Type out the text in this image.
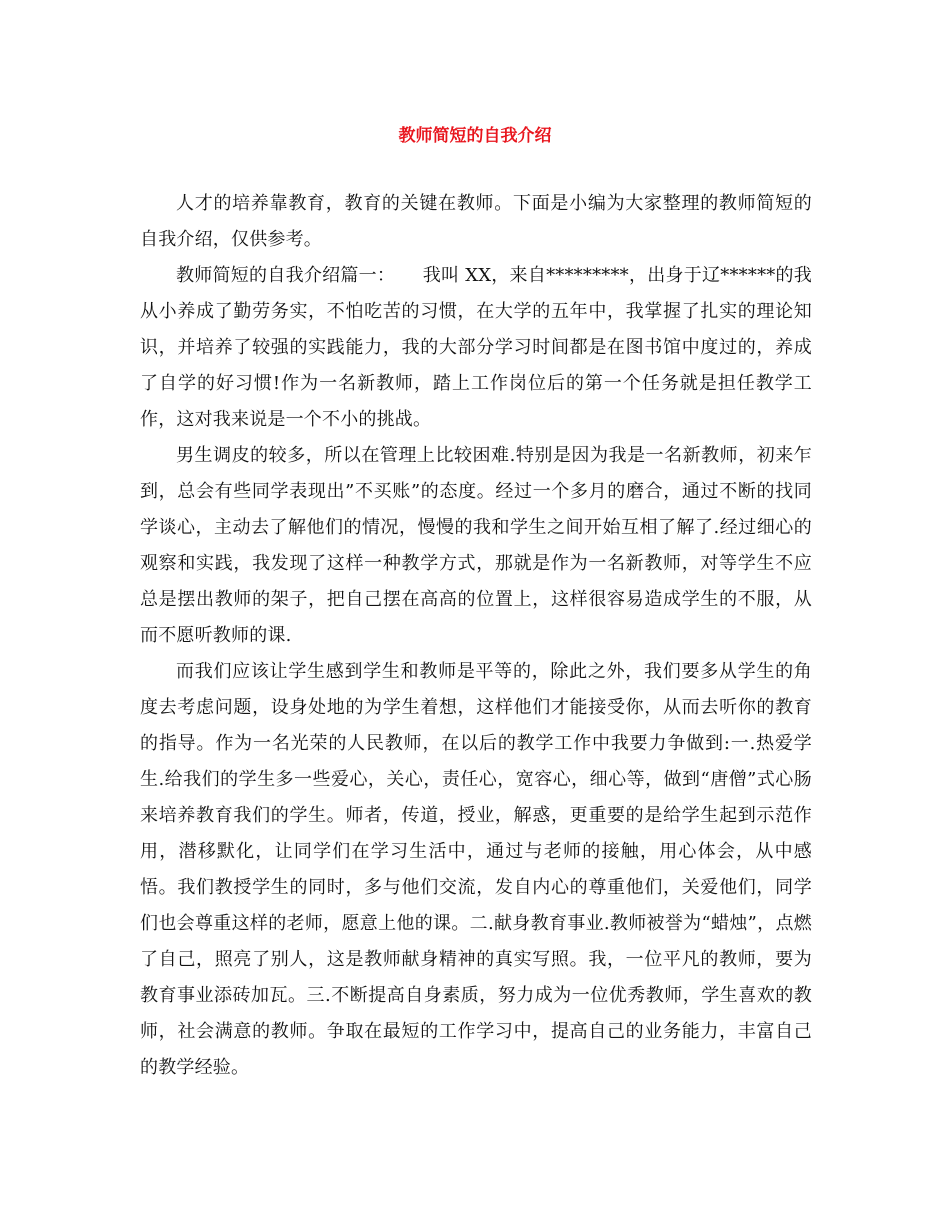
教师简短的自我介绍

人才的培养靠教育，教育的关键在教师。下面是小编为大家整理的教师简短的自我介绍，仅供参考。

教师简短的自我介绍篇一：　　我叫 XX，来自*********，出身于辽******的我从小养成了勤劳务实，不怕吃苦的习惯，在大学的五年中，我掌握了扎实的理论知识，并培养了较强的实践能力，我的大部分学习时间都是在图书馆中度过的，养成了自学的好习惯!作为一名新教师，踏上工作岗位后的第一个任务就是担任教学工作，这对我来说是一个不小的挑战。

男生调皮的较多，所以在管理上比较困难.特别是因为我是一名新教师，初来乍到，总会有些同学表现出”不买账”的态度。经过一个多月的磨合，通过不断的找同学谈心，主动去了解他们的情况，慢慢的我和学生之间开始互相了解了.经过细心的观察和实践，我发现了这样一种教学方式，那就是作为一名新教师，对等学生不应总是摆出教师的架子，把自己摆在高高的位置上，这样很容易造成学生的不服，从而不愿听教师的课.

而我们应该让学生感到学生和教师是平等的，除此之外，我们要多从学生的角度去考虑问题，设身处地的为学生着想，这样他们才能接受你，从而去听你的教育的指导。作为一名光荣的人民教师，在以后的教学工作中我要力争做到:一.热爱学生.给我们的学生多一些爱心，关心，责任心，宽容心，细心等，做到“唐僧”式心肠来培养教育我们的学生。师者，传道，授业，解惑，更重要的是给学生起到示范作用，潜移默化，让同学们在学习生活中，通过与老师的接触，用心体会，从中感悟。我们教授学生的同时，多与他们交流，发自内心的尊重他们，关爱他们，同学们也会尊重这样的老师，愿意上他的课。二.献身教育事业.教师被誉为“蜡烛”，点燃了自己，照亮了别人，这是教师献身精神的真实写照。我，一位平凡的教师，要为教育事业添砖加瓦。三.不断提高自身素质，努力成为一位优秀教师，学生喜欢的教师，社会满意的教师。争取在最短的工作学习中，提高自己的业务能力，丰富自己的教学经验。
